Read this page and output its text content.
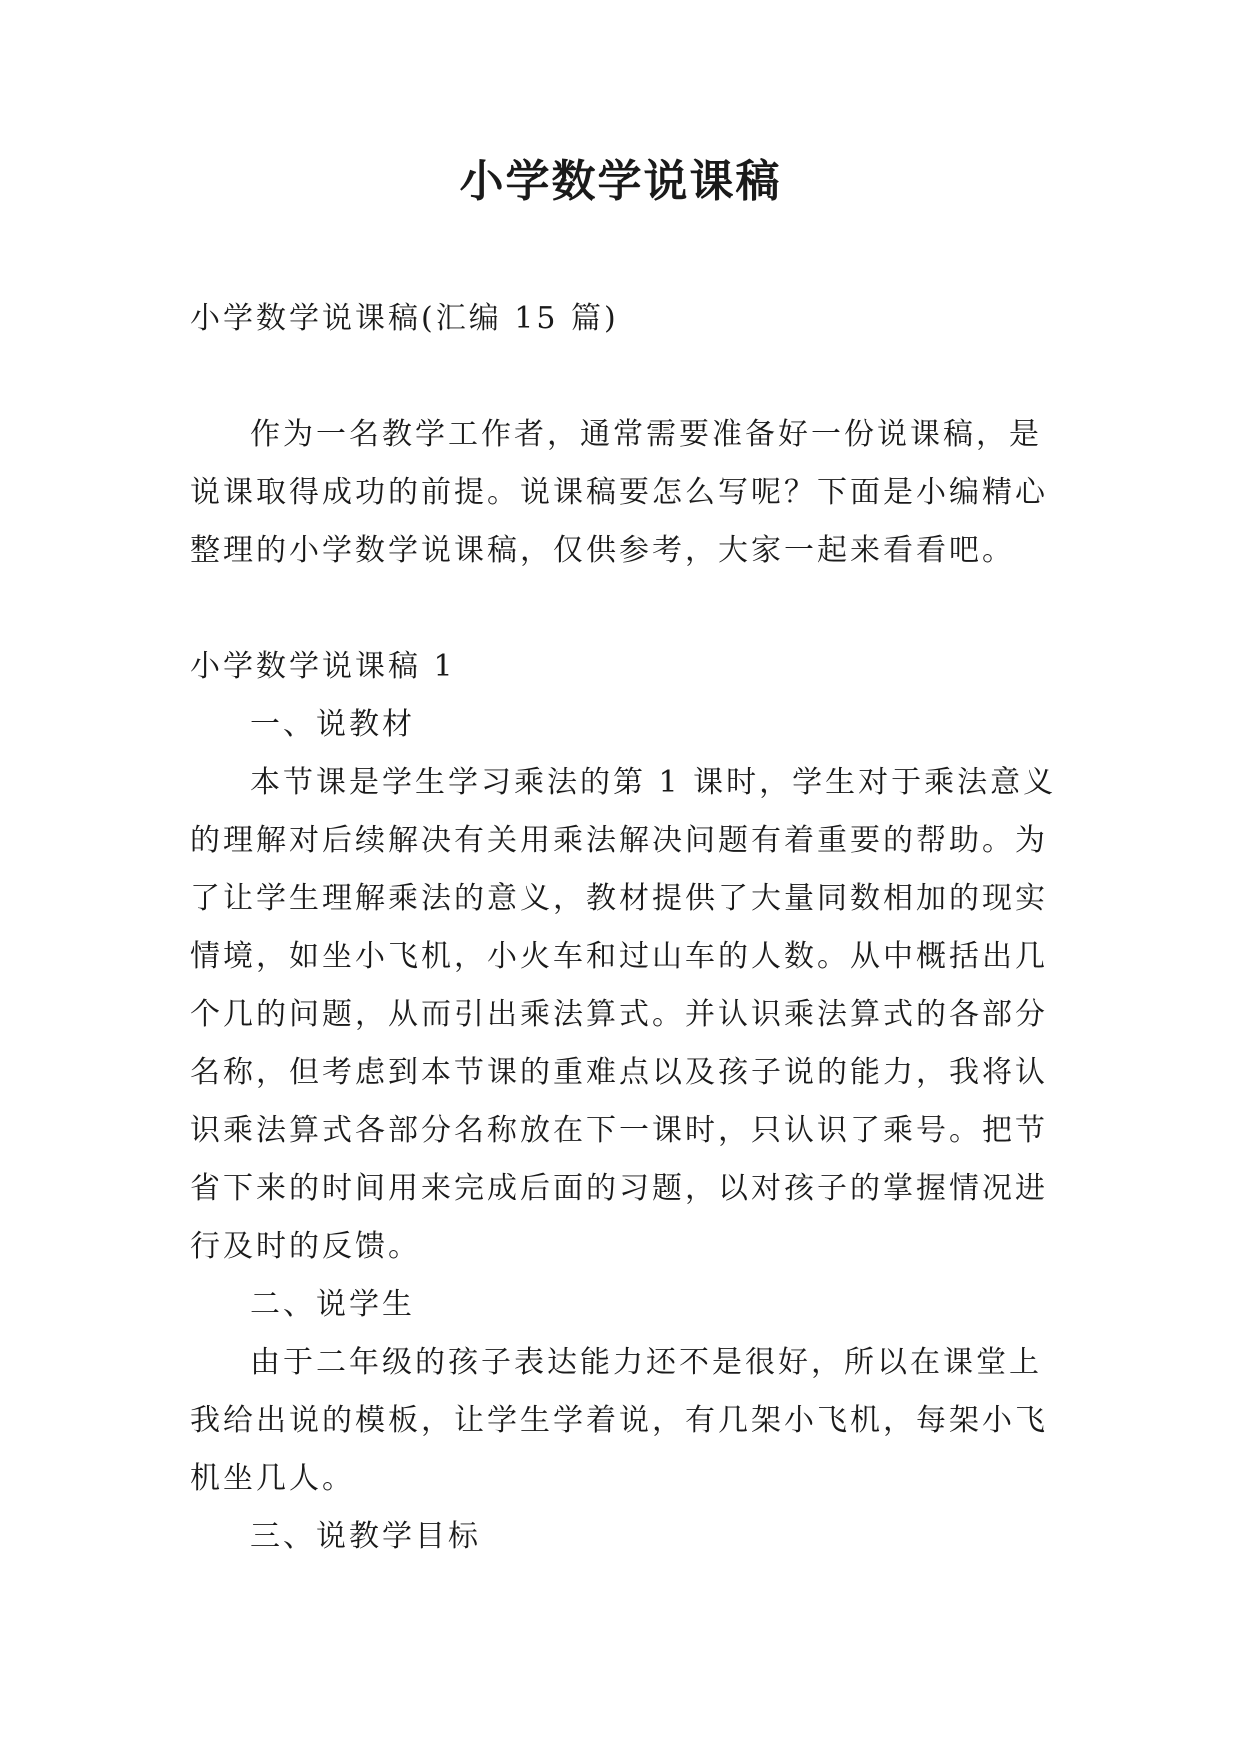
小学数学说课稿

小学数学说课稿(汇编 15 篇)

作为一名教学工作者，通常需要准备好一份说课稿，是说课取得成功的前提。说课稿要怎么写呢？下面是小编精心整理的小学数学说课稿，仅供参考，大家一起来看看吧。

小学数学说课稿 1

一、说教材

本节课是学生学习乘法的第 1 课时，学生对于乘法意义的理解对后续解决有关用乘法解决问题有着重要的帮助。为了让学生理解乘法的意义，教材提供了大量同数相加的现实情境，如坐小飞机，小火车和过山车的人数。从中概括出几个几的问题，从而引出乘法算式。并认识乘法算式的各部分名称，但考虑到本节课的重难点以及孩子说的能力，我将认识乘法算式各部分名称放在下一课时，只认识了乘号。把节省下来的时间用来完成后面的习题，以对孩子的掌握情况进行及时的反馈。

二、说学生

由于二年级的孩子表达能力还不是很好，所以在课堂上我给出说的模板，让学生学着说，有几架小飞机，每架小飞机坐几人。

三、说教学目标
